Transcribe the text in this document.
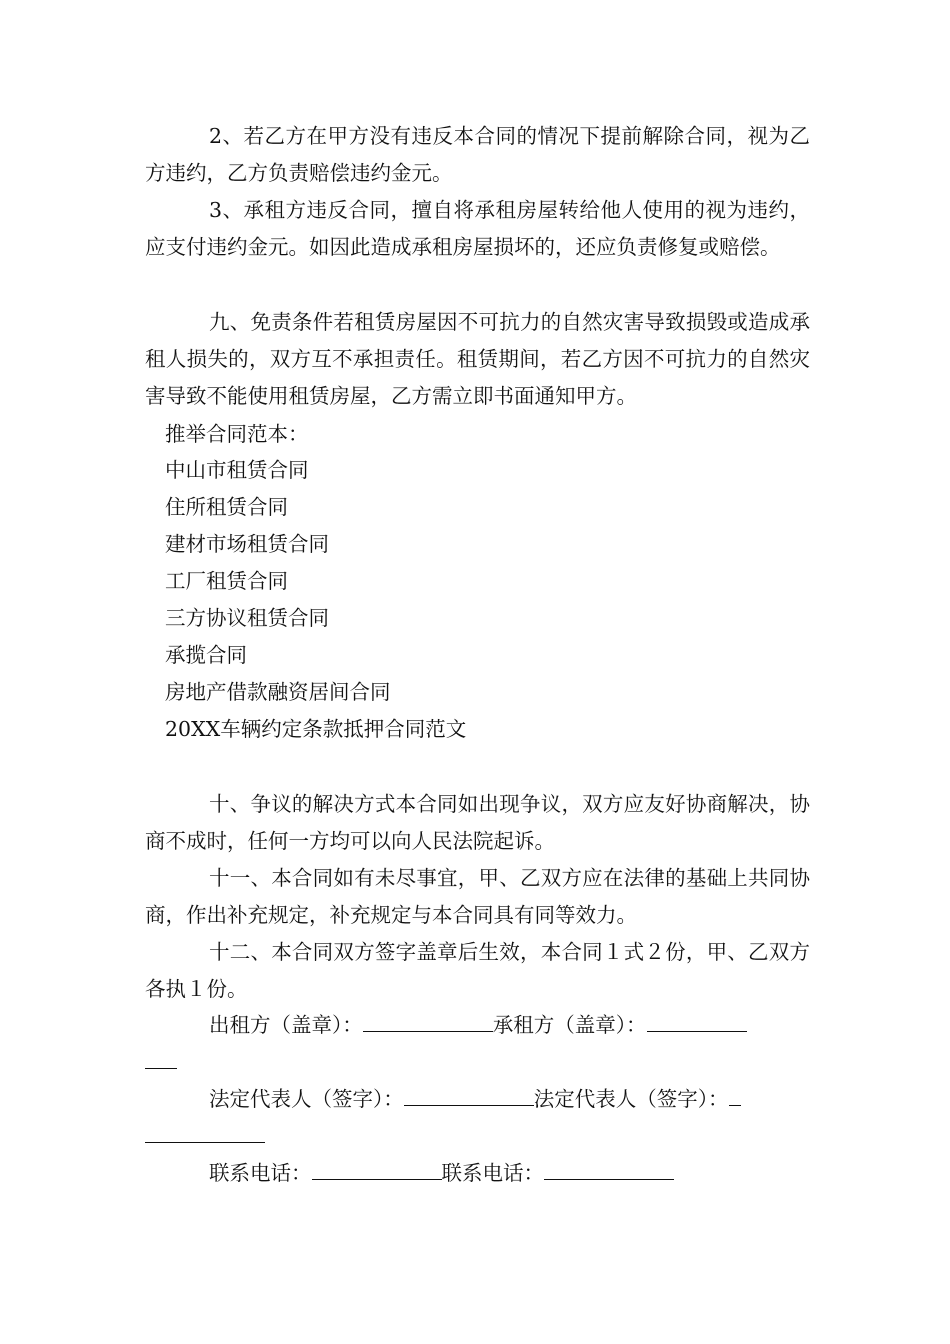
2、若乙方在甲方没有违反本合同的情况下提前解除合同，视为乙方违约，乙方负责赔偿违约金元。

3、承租方违反合同，擅自将承租房屋转给他人使用的视为违约，应支付违约金元。如因此造成承租房屋损坏的，还应负责修复或赔偿。

九、免责条件若租赁房屋因不可抗力的自然灾害导致损毁或造成承租人损失的，双方互不承担责任。租赁期间，若乙方因不可抗力的自然灾害导致不能使用租赁房屋，乙方需立即书面通知甲方。

推举合同范本：

中山市租赁合同

住所租赁合同

建材市场租赁合同

工厂租赁合同

三方协议租赁合同

承揽合同

房地产借款融资居间合同

20XX车辆约定条款抵押合同范文

十、争议的解决方式本合同如出现争议，双方应友好协商解决，协商不成时，任何一方均可以向人民法院起诉。

十一、本合同如有未尽事宜，甲、乙双方应在法律的基础上共同协商，作出补充规定，补充规定与本合同具有同等效力。

十二、本合同双方签字盖章后生效，本合同１式２份，甲、乙双方各执１份。

出租方（盖章）：	承租方（盖章）：

法定代表人（签字）：	法定代表人（签字）：

联系电话：	联系电话：
